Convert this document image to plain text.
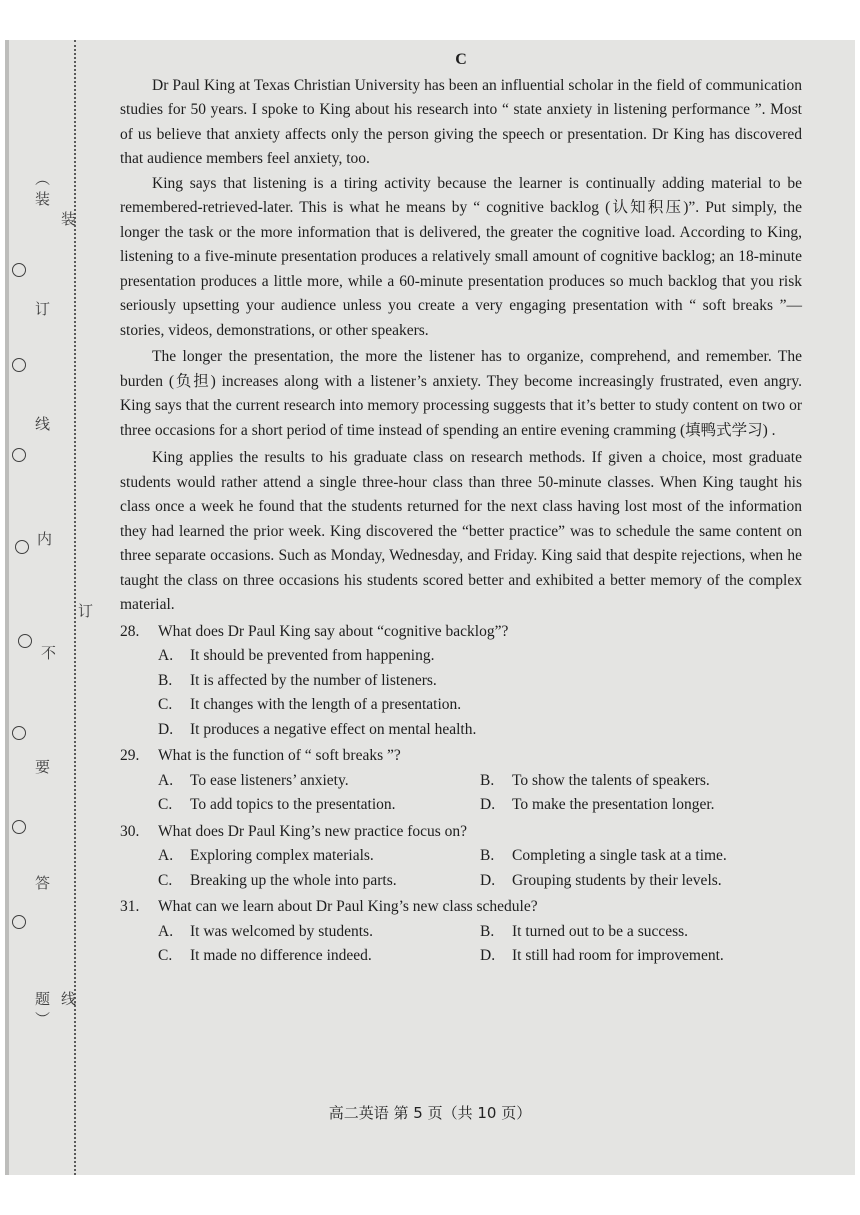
（
装
订
线
内
不
要
答
题
）
装
订
线
C

Dr Paul King at Texas Christian University has been an influential scholar in the field of communication studies for 50 years. I spoke to King about his research into “ state anxiety in listening performance ”. Most of us believe that anxiety affects only the person giving the speech or presentation. Dr King has discovered that audience members feel anxiety, too.

King says that listening is a tiring activity because the learner is continually adding material to be remembered-retrieved-later. This is what he means by “ cognitive backlog (认知积压)”. Put simply, the longer the task or the more information that is delivered, the greater the cognitive load. According to King, listening to a five-minute presentation produces a relatively small amount of cognitive backlog; an 18-minute presentation produces a little more, while a 60-minute presentation produces so much backlog that you risk seriously upsetting your audience unless you create a very engaging presentation with “ soft breaks ”—stories, videos, demonstrations, or other speakers.

The longer the presentation, the more the listener has to organize, comprehend, and remember. The burden (负担) increases along with a listener’s anxiety. They become increasingly frustrated, even angry. King says that the current research into memory processing suggests that it’s better to study content on two or three occasions for a short period of time instead of spending an entire evening cramming (填鸭式学习) .

King applies the results to his graduate class on research methods. If given a choice, most graduate students would rather attend a single three-hour class than three 50-minute classes. When King taught his class once a week he found that the students returned for the next class having lost most of the information they had learned the prior week. King discovered the “better practice” was to schedule the same content on three separate occasions. Such as Monday, Wednesday, and Friday. King said that despite rejections, when he taught the class on three occasions his students scored better and exhibited a better memory of the complex material.

28. What does Dr Paul King say about “cognitive backlog”?

A. It should be prevented from happening.
B. It is affected by the number of listeners.
C. It changes with the length of a presentation.
D. It produces a negative effect on mental health.

29. What is the function of “ soft breaks ”?

A. To ease listeners’ anxiety.	B. To show the talents of speakers.
C. To add topics to the presentation.	D. To make the presentation longer.

30. What does Dr Paul King’s new practice focus on?

A. Exploring complex materials.	B. Completing a single task at a time.
C. Breaking up the whole into parts.	D. Grouping students by their levels.

31. What can we learn about Dr Paul King’s new class schedule?

A. It was welcomed by students.	B. It turned out to be a success.
C. It made no difference indeed.	D. It still had room for improvement.
高二英语 第 5 页（共 10 页）
